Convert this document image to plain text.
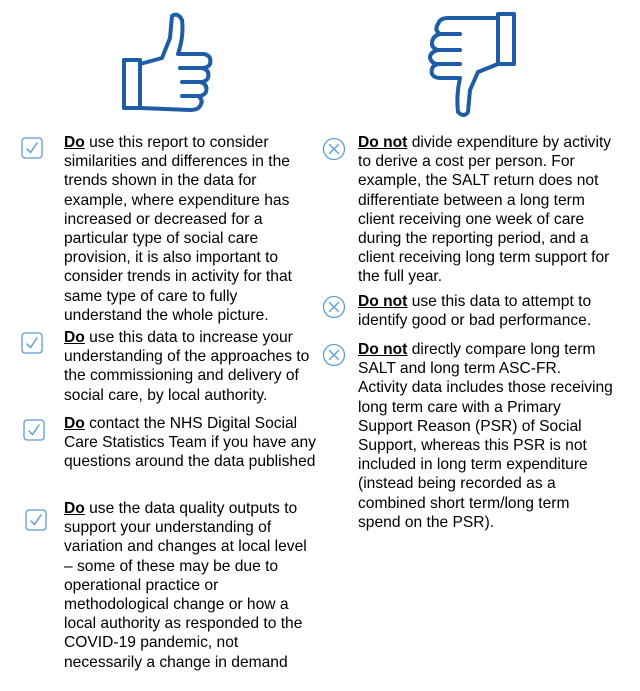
Do use this report to consider similarities and differences in the trends shown in the data for example, where expenditure has increased or decreased for a particular type of social care provision, it is also important to consider trends in activity for that same type of care to fully understand the whole picture.

Do use this data to increase your understanding of the approaches to the commissioning and delivery of social care, by local authority.

Do contact the NHS Digital Social Care Statistics Team if you have any questions around the data published

Do use the data quality outputs to support your understanding of variation and changes at local level – some of these may be due to operational practice or methodological change or how a local authority as responded to the COVID-19 pandemic, not necessarily a change in demand

Do not divide expenditure by activity to derive a cost per person. For example, the SALT return does not differentiate between a long term client receiving one week of care during the reporting period, and a client receiving long term support for the full year.

Do not use this data to attempt to identify good or bad performance.

Do not directly compare long term SALT and long term ASC-FR. Activity data includes those receiving long term care with a Primary Support Reason (PSR) of Social Support, whereas this PSR is not included in long term expenditure (instead being recorded as a combined short term/long term spend on the PSR).
